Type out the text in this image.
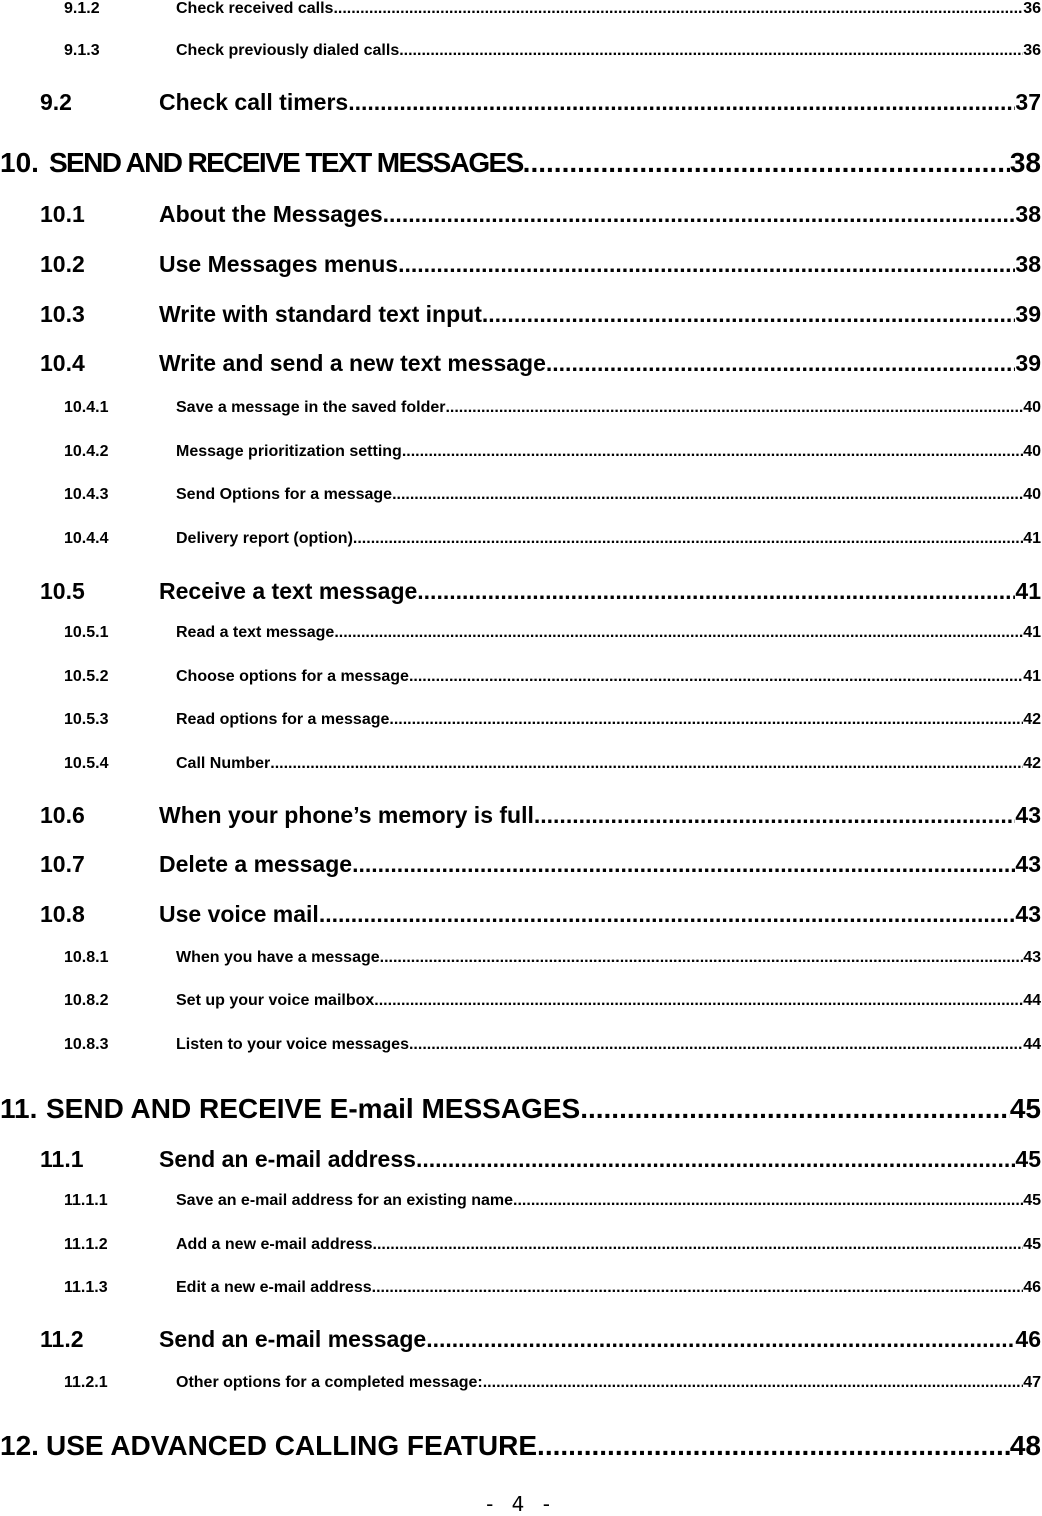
9.1.2	Check received calls .....	36
9.1.3	Check previously dialed calls .....	36
9.2	Check call timers .....	37
10. SEND AND RECEIVE TEXT MESSAGES .....	38
10.1	About the Messages .....	38
10.2	Use Messages menus .....	38
10.3	Write with standard text input .....	39
10.4	Write and send a new text message .....	39
10.4.1	Save a message in the saved folder .....	40
10.4.2	Message prioritization setting .....	40
10.4.3	Send Options for a message .....	40
10.4.4	Delivery report (option) .....	41
10.5	Receive a text message .....	41
10.5.1	Read a text message .....	41
10.5.2	Choose options for a message .....	41
10.5.3	Read options for a message .....	42
10.5.4	Call Number .....	42
10.6	When your phone’s memory is full .....	43
10.7	Delete a message .....	43
10.8	Use voice mail .....	43
10.8.1	When you have a message .....	43
10.8.2	Set up your voice mailbox .....	44
10.8.3	Listen to your voice messages .....	44
11. SEND AND RECEIVE E-mail MESSAGES .....	45
11.1	Send an e-mail address .....	45
11.1.1	Save an e-mail address for an existing name .....	45
11.1.2	Add a new e-mail address .....	45
11.1.3	Edit a new e-mail address .....	46
11.2	Send an e-mail message .....	46
11.2.1	Other options for a completed message: .....	47
12. USE ADVANCED CALLING FEATURE .....	48
- 4 -
